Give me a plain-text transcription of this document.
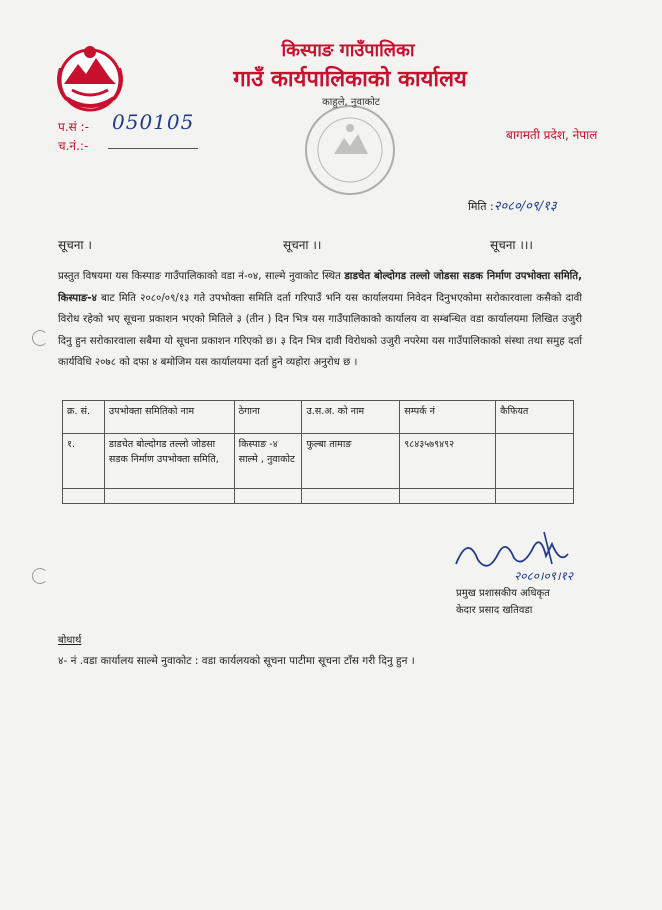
किस्पाङ गाउँपालिका
गाउँ कार्यपालिकाको कार्यालय
काहुले, नुवाकोट
प.सं :- 050105
च.नं.:-
बागमती प्रदेश, नेपाल
मिति :२०८०/०९/१३
सूचना ।	सूचना ।।	सूचना ।।।
प्रस्तुत विषयमा यस किस्पाङ गाउँपालिकाको वडा नं-०४, साल्मे नुवाकोट स्थित डाडचेत बोल्दोगड तल्लो जोडसा सडक निर्माण उपभोक्ता समिति, किस्पाङ-४ बाट मिति २०८०/०९/१३ गते उपभोक्ता समिति दर्ता गरिपाउँ भनि यस कार्यालयमा निवेदन दिनुभएकोमा सरोकारवाला कसैको दावी विरोध रहेको भए सूचना प्रकाशन भएको मितिले ३ (तीन ) दिन भित्र यस गाउँपालिकाको कार्यालय वा सम्बन्धित वडा कार्यालयमा लिखित उजुरी दिनु हुन सरोकारवाला सबैमा यो सूचना प्रकाशन गरिएको छ। ३ दिन भित्र दावी विरोधको उजुरी नपरेमा यस गाउँपालिकाको संस्था तथा समुह दर्ता कार्यविधि २०७८ को दफा ४ बमोजिम यस कार्यालयमा दर्ता हुने व्यहोरा अनुरोध छ ।
क्र. सं.	उपभोक्ता समितिको नाम	ठेगाना	उ.स.अ. को नाम	सम्पर्क नं	कैफियत
१.	डाडचेत बोल्दोगड तल्लो जोडसा सडक निर्माण उपभोक्ता समिति,	किस्पाङ -४ साल्मे , नुवाकोट	फुल्बा तामाङ	९८४३५७९४९२	

२०८०।०९।१२
प्रमुख प्रशासकीय अधिकृत
केदार प्रसाद खतिवडा
बोधार्थ
४- नं .वडा कार्यालय साल्मे नुवाकोट : वडा कार्यलयको सूचना पाटीमा सूचना टाँस गरी दिनु हुन ।
